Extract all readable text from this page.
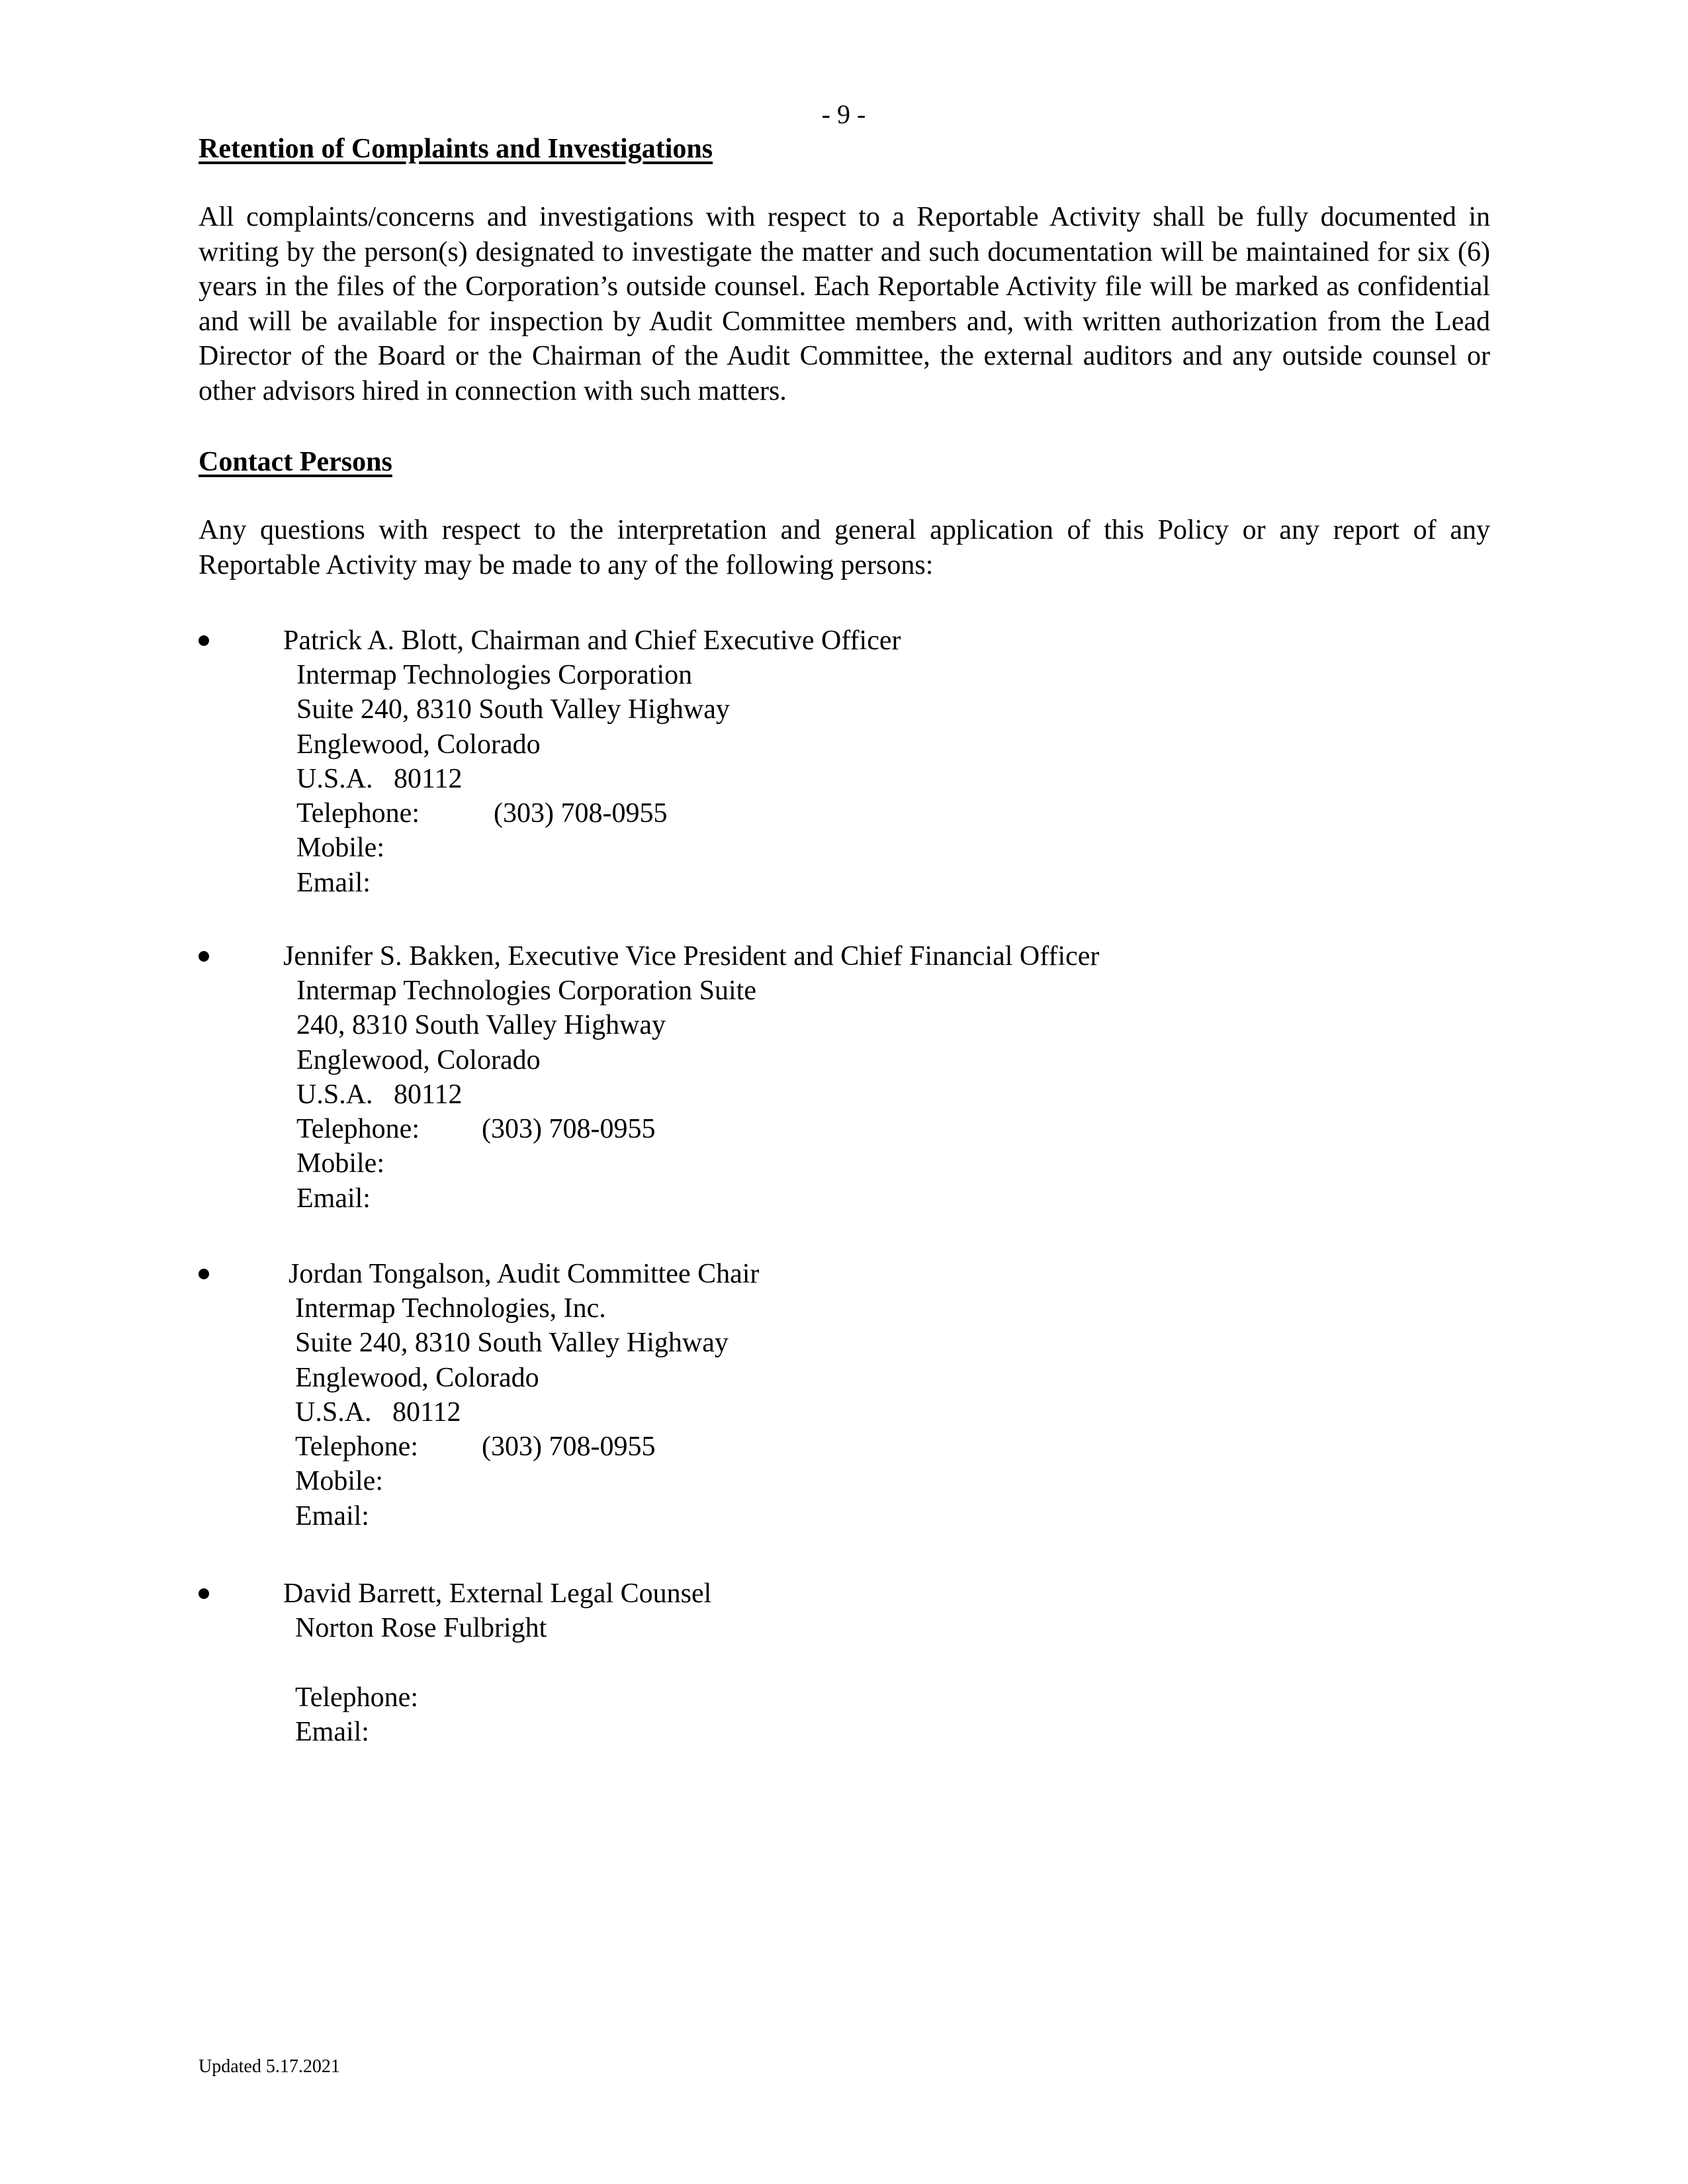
- 9 -
Retention of Complaints and Investigations
All complaints/concerns and investigations with respect to a Reportable Activity shall be fully documented in writing by the person(s) designated to investigate the matter and such documentation will be maintained for six (6) years in the files of the Corporation’s outside counsel. Each Reportable Activity file will be marked as confidential and will be available for inspection by Audit Committee members and, with written authorization from the Lead Director of the Board or the Chairman of the Audit Committee, the external auditors and any outside counsel or other advisors hired in connection with such matters.
Contact Persons
Any questions with respect to the interpretation and general application of this Policy or any report of any Reportable Activity may be made to any of the following persons:
Patrick A. Blott, Chairman and Chief Executive Officer
Intermap Technologies Corporation
Suite 240, 8310 South Valley Highway
Englewood, Colorado
U.S.A.   80112
Telephone:	(303) 708-0955
Mobile:
Email:
Jennifer S. Bakken, Executive Vice President and Chief Financial Officer
Intermap Technologies Corporation Suite
240, 8310 South Valley Highway
Englewood, Colorado
U.S.A.   80112
Telephone: (303) 708-0955
Mobile:
Email:
Jordan Tongalson, Audit Committee Chair
Intermap Technologies, Inc.
Suite 240, 8310 South Valley Highway
Englewood, Colorado
U.S.A.   80112
Telephone: (303) 708-0955
Mobile:
Email:
David Barrett, External Legal Counsel
Norton Rose Fulbright
Telephone:
Email:
Updated 5.17.2021
